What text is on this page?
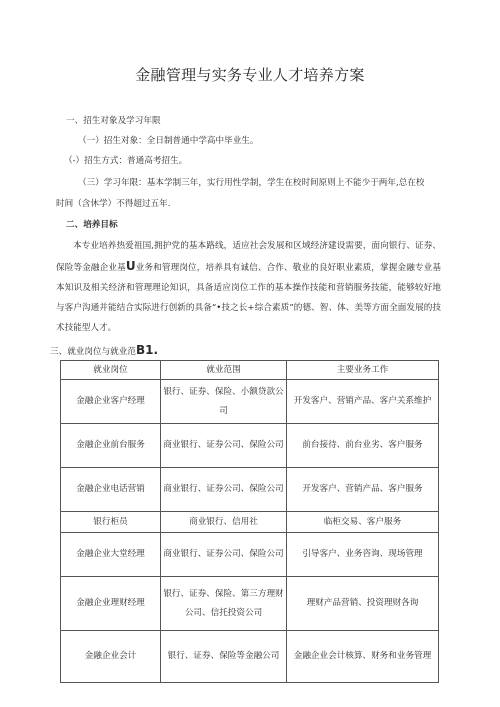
金融管理与实务专业人才培养方案
一、招生对象及学习年限
（一）招生对象：全日制普通中学高中毕业生。
（-）招生方式：普通高考招生。
（三）学习年限：基本学制三年，实行用性学制，学生在校时间原则上不能少于两年,总在校
时间（含休学）不得超过五年.
二、培养目标
本专业培养热爱祖国,拥护党的基本路线，适应社会发展和区域经济建设需要，面向银行、证券、保险等金融企业基U业务和管理岗位，培养具有诚信、合作、敬业的良好职业素质，掌握金融专业基本知识及相关经济和管理理论知识，具备适应岗位工作的基本操作技能和营销服务技能，能够较好地与客户沟通并能结合实际进行创新的具备“•技之长+综合素质”的德、智、体、美等方面全面发展的技术技能型人才。
三、就业岗位与就业范B1.
就业岗位	就业范围	主要业务工作
金融企业客户经理	银行、证券、保险、小额贷款公司	开发客户、营销产品、客户关系维护
金融企业前台服务	商业银行、证券公司、保险公司	前台接待、前台业劣、客户服务
金融企业电话营销	商业银行、证券公司、保险公司	开发客户、营销产品、客户服务
银行柜员	商业银行、信用社	临柜交易、客户服务
金融企业大堂经理	商业银行、证券公司、保险公司	引导客户、业务咨询、现场管理
金融企业理财经理	银行、证券、保险、第三方理财公司、信托投资公司	理财产品营销、投资理财各询
金融企业会计	银行、证券、保险等金融公司	金融企业会计核算、财务和业务管理
